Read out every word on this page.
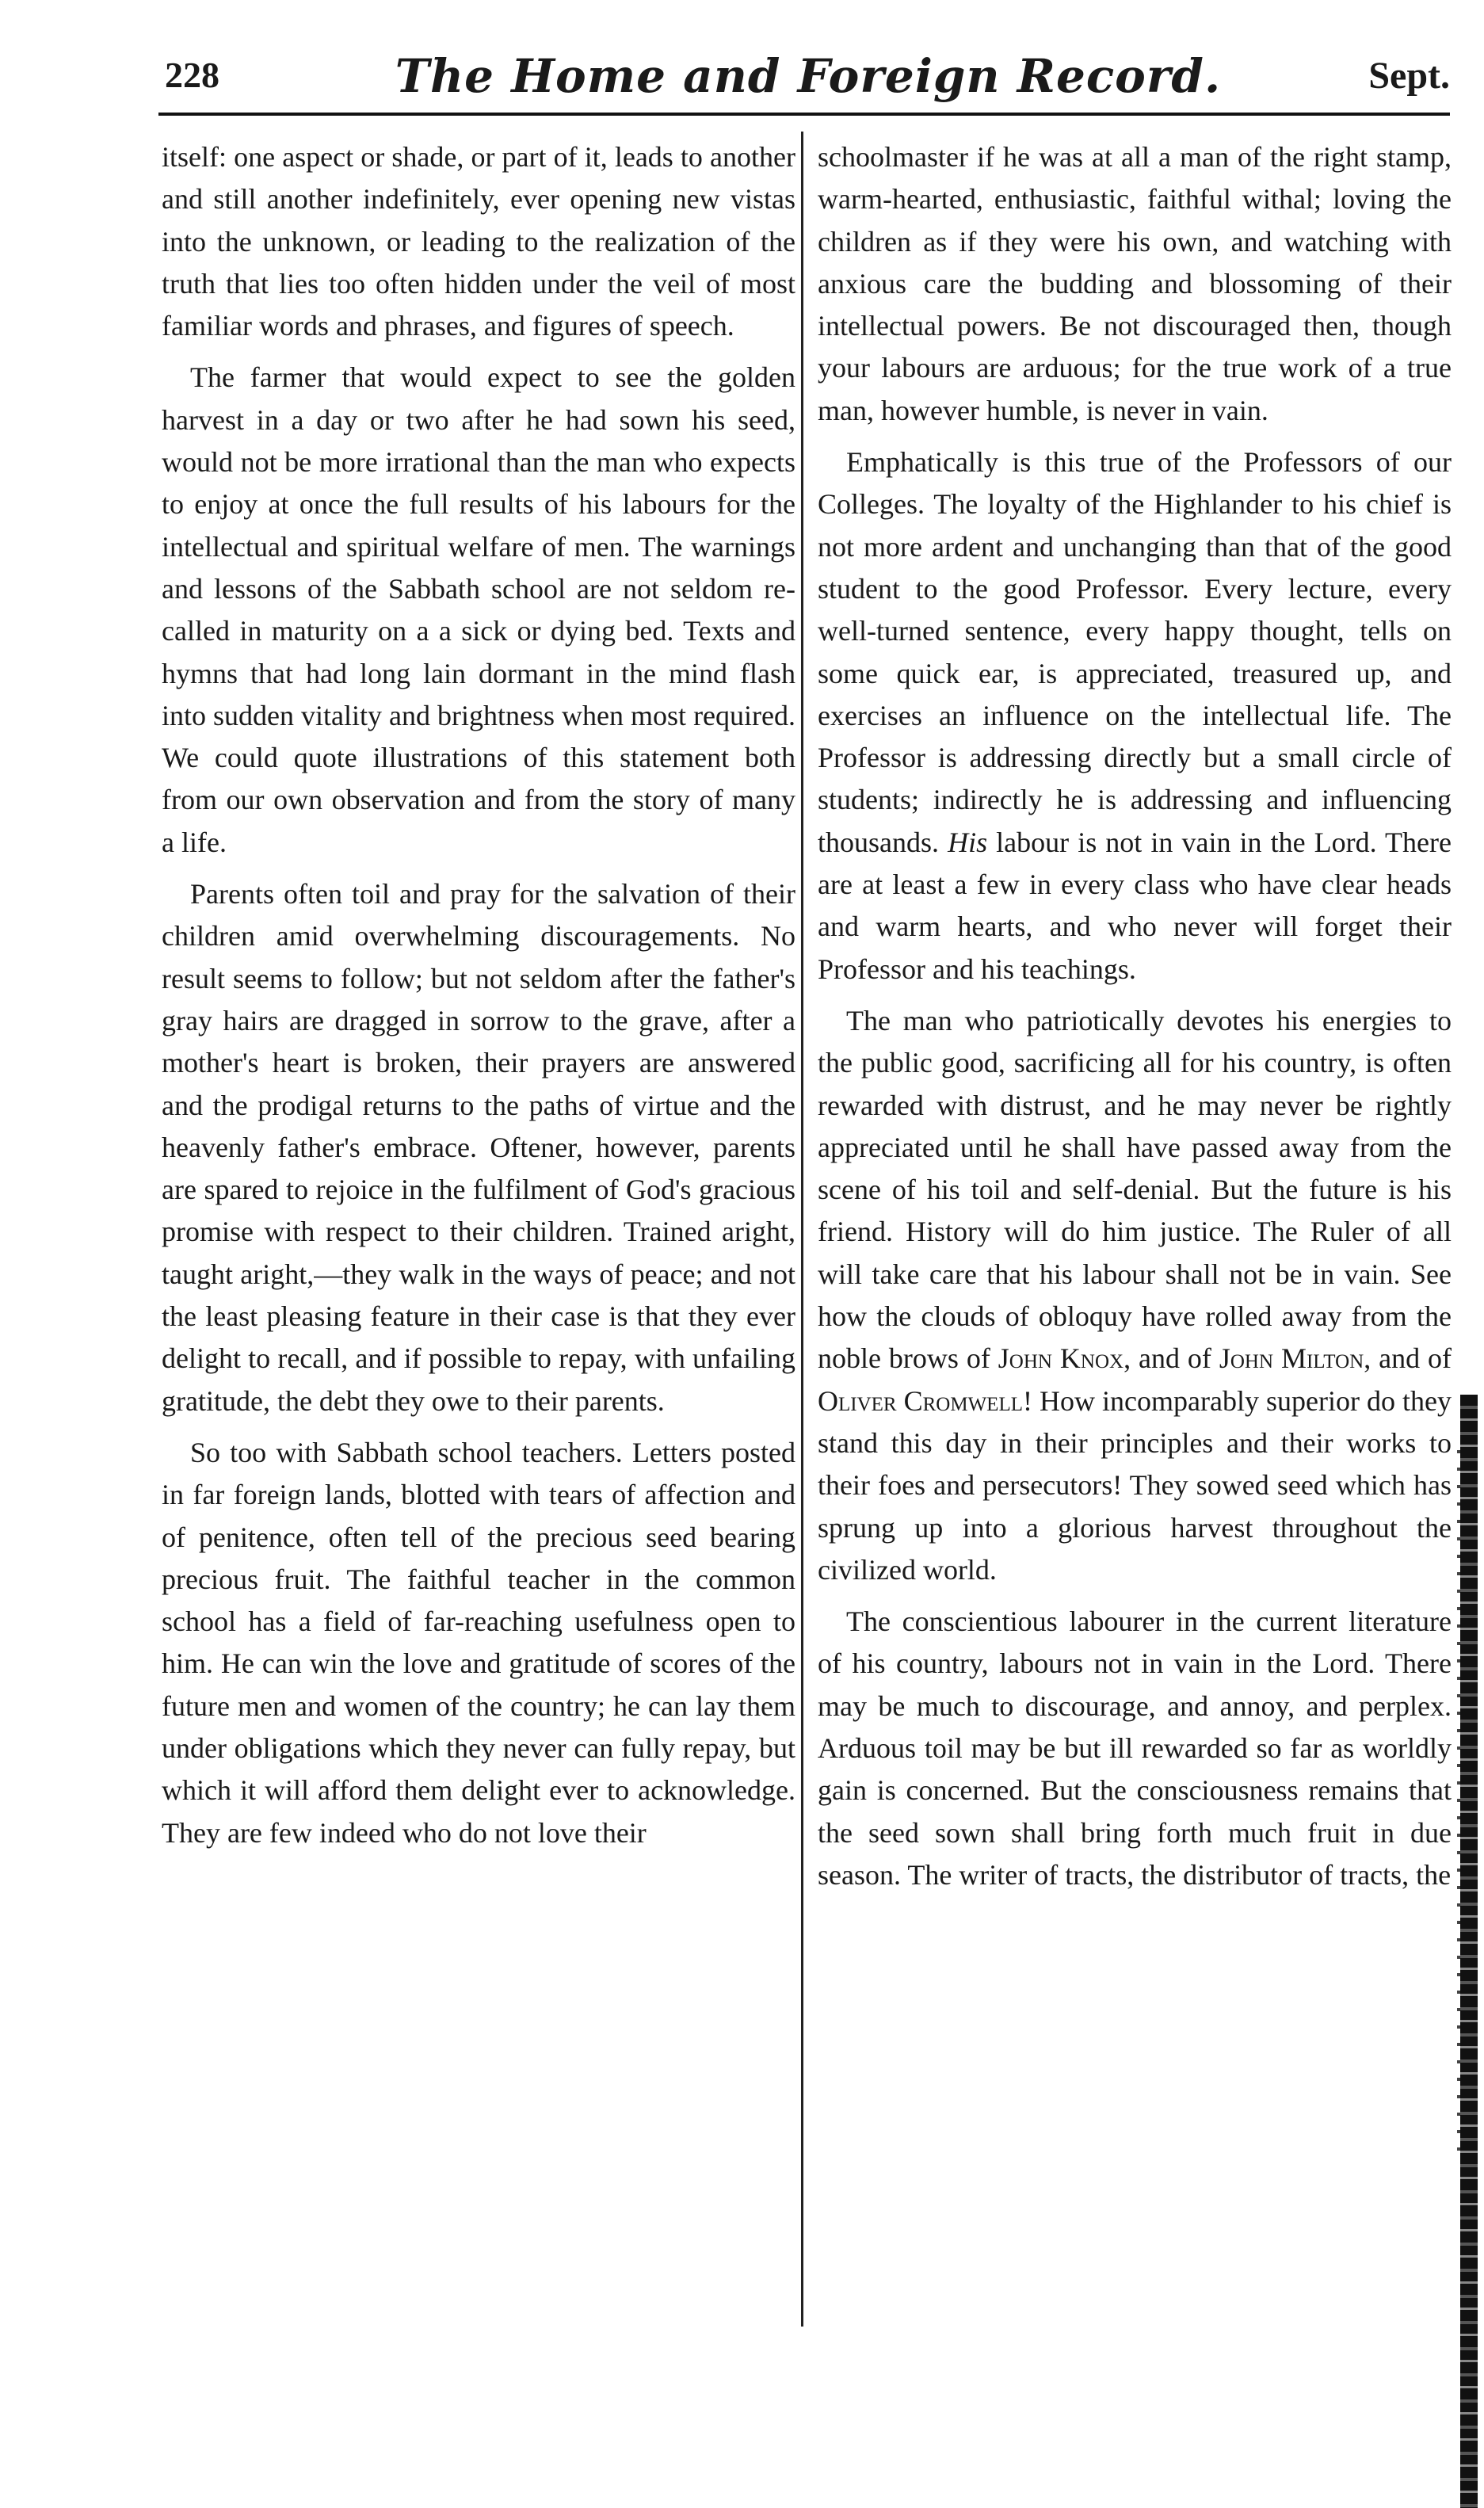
228	The Home and Foreign Record.	Sept.

itself: one aspect or shade, or part of it, leads to another and still another indefinitely, ever opening new vistas into the unknown, or leading to the realization of the truth that lies too often hidden under the veil of most familiar words and phrases, and figures of speech.

The farmer that would expect to see the golden harvest in a day or two after he had sown his seed, would not be more irrational than the man who expects to enjoy at once the full results of his labours for the intellectual and spiritual welfare of men. The warnings and lessons of the Sabbath school are not seldom re-called in maturity on a a sick or dying bed. Texts and hymns that had long lain dormant in the mind flash into sudden vitality and brightness when most required. We could quote illustrations of this statement both from our own observation and from the story of many a life.

Parents often toil and pray for the salvation of their children amid overwhelming discouragements. No result seems to follow; but not seldom after the father's gray hairs are dragged in sorrow to the grave, after a mother's heart is broken, their prayers are answered and the prodigal returns to the paths of virtue and the heavenly father's embrace. Oftener, however, parents are spared to rejoice in the fulfilment of God's gracious promise with respect to their children. Trained aright, taught aright,—they walk in the ways of peace; and not the least pleasing feature in their case is that they ever delight to recall, and if possible to repay, with unfailing gratitude, the debt they owe to their parents.

So too with Sabbath school teachers. Letters posted in far foreign lands, blotted with tears of affection and of penitence, often tell of the precious seed bearing precious fruit. The faithful teacher in the common school has a field of far-reaching usefulness open to him. He can win the love and gratitude of scores of the future men and women of the country; he can lay them under obligations which they never can fully repay, but which it will afford them delight ever to acknowledge. They are few indeed who do not love their

schoolmaster if he was at all a man of the right stamp, warm-hearted, enthusiastic, faithful withal; loving the children as if they were his own, and watching with anxious care the budding and blossoming of their intellectual powers. Be not discouraged then, though your labours are arduous; for the true work of a true man, however humble, is never in vain.

Emphatically is this true of the Professors of our Colleges. The loyalty of the Highlander to his chief is not more ardent and unchanging than that of the good student to the good Professor. Every lecture, every well-turned sentence, every happy thought, tells on some quick ear, is appreciated, treasured up, and exercises an influence on the intellectual life. The Professor is addressing directly but a small circle of students; indirectly he is addressing and influencing thousands. His labour is not in vain in the Lord. There are at least a few in every class who have clear heads and warm hearts, and who never will forget their Professor and his teachings.

The man who patriotically devotes his energies to the public good, sacrificing all for his country, is often rewarded with distrust, and he may never be rightly appreciated until he shall have passed away from the scene of his toil and self-denial. But the future is his friend. History will do him justice. The Ruler of all will take care that his labour shall not be in vain. See how the clouds of obloquy have rolled away from the noble brows of John Knox, and of John Milton, and of Oliver Cromwell! How incomparably superior do they stand this day in their principles and their works to their foes and persecutors! They sowed seed which has sprung up into a glorious harvest throughout the civilized world.

The conscientious labourer in the current literature of his country, labours not in vain in the Lord. There may be much to discourage, and annoy, and perplex. Arduous toil may be but ill rewarded so far as worldly gain is concerned. But the consciousness remains that the seed sown shall bring forth much fruit in due season. The writer of tracts, the distributor of tracts, the
